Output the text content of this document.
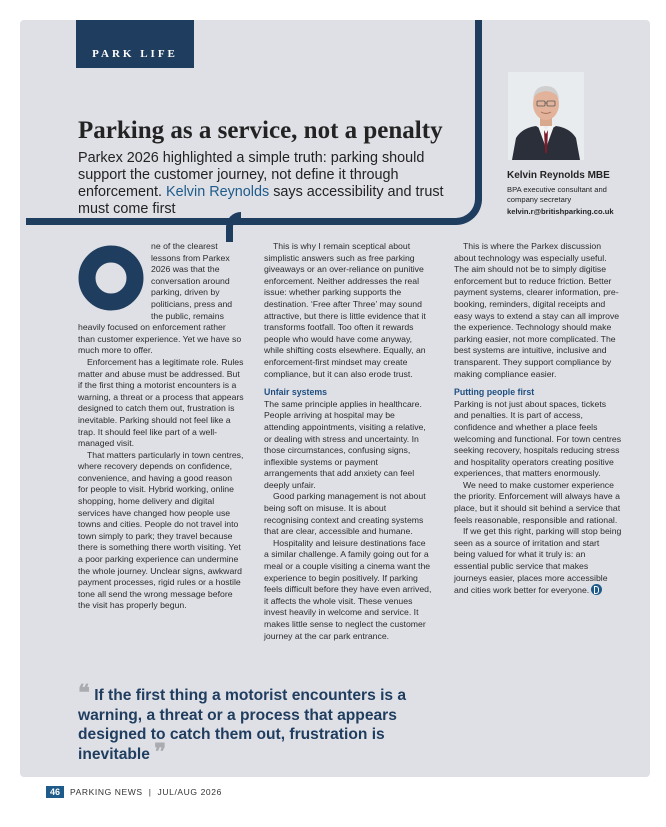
PARK LIFE
Parking as a service, not a penalty

Parkex 2026 highlighted a simple truth: parking should support the customer journey, not define it through enforcement. Kelvin Reynolds says accessibility and trust must come first

Kelvin Reynolds MBE
BPA executive consultant and company secretary
kelvin.r@britishparking.co.uk

ne of the clearest lessons from Parkex 2026 was that the conversation around parking, driven by politicians, press and the public, remains heavily focused on enforcement rather than customer experience. Yet we have so much more to offer.

Enforcement has a legitimate role. Rules matter and abuse must be addressed. But if the first thing a motorist encounters is a warning, a threat or a process that appears designed to catch them out, frustration is inevitable. Parking should not feel like a trap. It should feel like part of a well-managed visit.

That matters particularly in town centres, where recovery depends on confidence, convenience, and having a good reason for people to visit. Hybrid working, online shopping, home delivery and digital services have changed how people use towns and cities. People do not travel into town simply to park; they travel because there is something there worth visiting. Yet a poor parking experience can undermine the whole journey. Unclear signs, awkward payment processes, rigid rules or a hostile tone all send the wrong message before the visit has properly begun.

This is why I remain sceptical about simplistic answers such as free parking giveaways or an over-reliance on punitive enforcement. Neither addresses the real issue: whether parking supports the destination. ‘Free after Three’ may sound attractive, but there is little evidence that it transforms footfall. Too often it rewards people who would have come anyway, while shifting costs elsewhere. Equally, an enforcement-first mindset may create compliance, but it can also erode trust.

Unfair systems

The same principle applies in healthcare. People arriving at hospital may be attending appointments, visiting a relative, or dealing with stress and uncertainty. In those circumstances, confusing signs, inflexible systems or payment arrangements that add anxiety can feel deeply unfair.

Good parking management is not about being soft on misuse. It is about recognising context and creating systems that are clear, accessible and humane.

Hospitality and leisure destinations face a similar challenge. A family going out for a meal or a couple visiting a cinema want the experience to begin positively. If parking feels difficult before they have even arrived, it affects the whole visit. These venues invest heavily in welcome and service. It makes little sense to neglect the customer journey at the car park entrance.

This is where the Parkex discussion about technology was especially useful. The aim should not be to simply digitise enforcement but to reduce friction. Better payment systems, clearer information, pre-booking, reminders, digital receipts and easy ways to extend a stay can all improve the experience. Technology should make parking easier, not more complicated. The best systems are intuitive, inclusive and transparent. They support compliance by making compliance easier.

Putting people first

Parking is not just about spaces, tickets and penalties. It is part of access, confidence and whether a place feels welcoming and functional. For town centres seeking recovery, hospitals reducing stress and hospitality operators creating positive experiences, that matters enormously.

We need to make customer experience the priority. Enforcement will always have a place, but it should sit behind a service that feels reasonable, responsible and rational.

If we get this right, parking will stop being seen as a source of irritation and start being valued for what it truly is: an essential public service that makes journeys easier, places more accessible and cities work better for everyone.

❝ If the first thing a motorist encounters is a warning, a threat or a process that appears designed to catch them out, frustration is inevitable ❞

46	PARKING NEWS | JUL/AUG 2026
